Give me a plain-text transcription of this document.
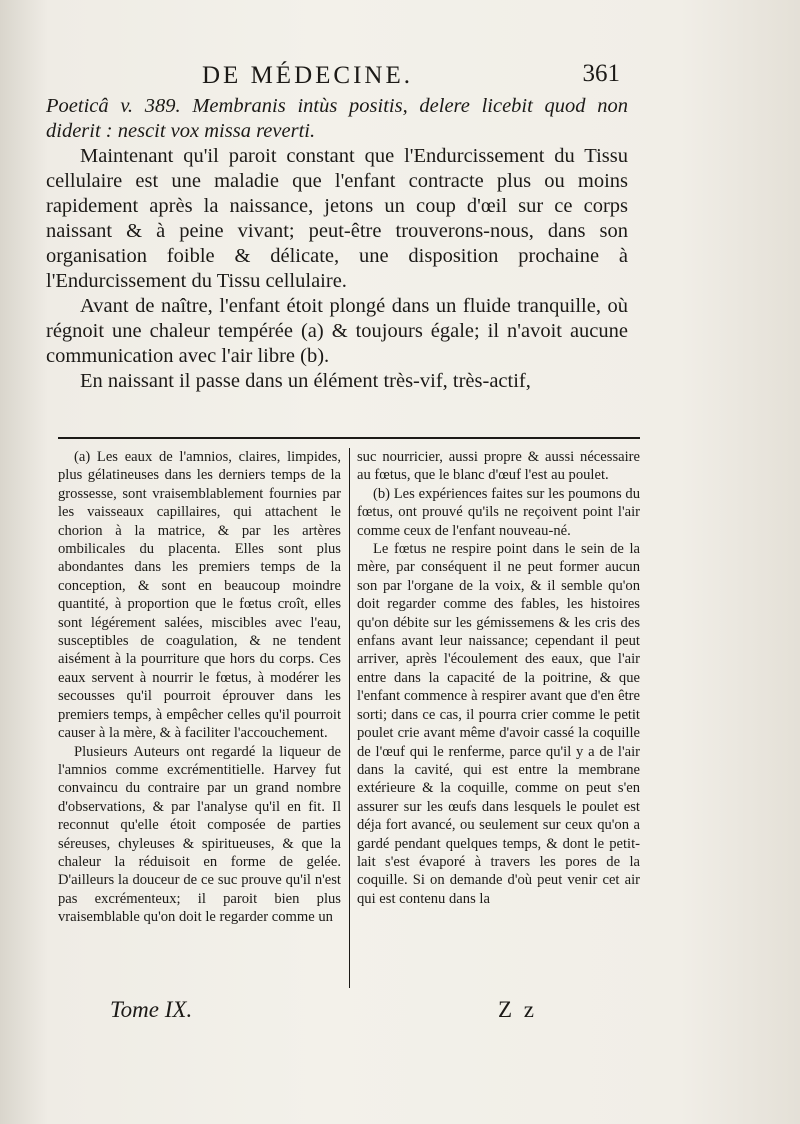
DE MÉDECINE.	361

Poeticâ v. 389. Membranis intùs positis, delere licebit quod non diderit : nescit vox missa reverti.

Maintenant qu'il paroit constant que l'Endurcissement du Tissu cellulaire est une maladie que l'enfant contracte plus ou moins rapidement après la naissance, jetons un coup d'œil sur ce corps naissant & à peine vivant; peut-être trouverons-nous, dans son organisation foible & délicate, une disposition prochaine à l'Endurcissement du Tissu cellulaire.

Avant de naître, l'enfant étoit plongé dans un fluide tranquille, où régnoit une chaleur tempérée (a) & toujours égale; il n'avoit aucune communication avec l'air libre (b).

En naissant il passe dans un élément très-vif, très-actif,

(a) Les eaux de l'amnios, claires, limpides, plus gélatineuses dans les derniers temps de la grossesse, sont vraisemblablement fournies par les vaisseaux capillaires, qui attachent le chorion à la matrice, & par les artères ombilicales du placenta. Elles sont plus abondantes dans les premiers temps de la conception, & sont en beaucoup moindre quantité, à proportion que le fœtus croît, elles sont légérement salées, miscibles avec l'eau, susceptibles de coagulation, & ne tendent aisément à la pourriture que hors du corps. Ces eaux servent à nourrir le fœtus, à modérer les secousses qu'il pourroit éprouver dans les premiers temps, à empêcher celles qu'il pourroit causer à la mère, & à faciliter l'accouchement.

Plusieurs Auteurs ont regardé la liqueur de l'amnios comme excrémentitielle. Harvey fut convaincu du contraire par un grand nombre d'observations, & par l'analyse qu'il en fit. Il reconnut qu'elle étoit composée de parties séreuses, chyleuses & spiritueuses, & que la chaleur la réduisoit en forme de gelée. D'ailleurs la douceur de ce suc prouve qu'il n'est pas excrémenteux; il paroit bien plus vraisemblable qu'on doit le regarder comme un

suc nourricier, aussi propre & aussi nécessaire au fœtus, que le blanc d'œuf l'est au poulet.

(b) Les expériences faites sur les poumons du fœtus, ont prouvé qu'ils ne reçoivent point l'air comme ceux de l'enfant nouveau-né.

Le fœtus ne respire point dans le sein de la mère, par conséquent il ne peut former aucun son par l'organe de la voix, & il semble qu'on doit regarder comme des fables, les histoires qu'on débite sur les gémissemens & les cris des enfans avant leur naissance; cependant il peut arriver, après l'écoulement des eaux, que l'air entre dans la capacité de la poitrine, & que l'enfant commence à respirer avant que d'en être sorti; dans ce cas, il pourra crier comme le petit poulet crie avant même d'avoir cassé la coquille de l'œuf qui le renferme, parce qu'il y a de l'air dans la cavité, qui est entre la membrane extérieure & la coquille, comme on peut s'en assurer sur les œufs dans lesquels le poulet est déja fort avancé, ou seulement sur ceux qu'on a gardé pendant quelques temps, & dont le petit-lait s'est évaporé à travers les pores de la coquille. Si on demande d'où peut venir cet air qui est contenu dans la

Tome IX.	Z z
